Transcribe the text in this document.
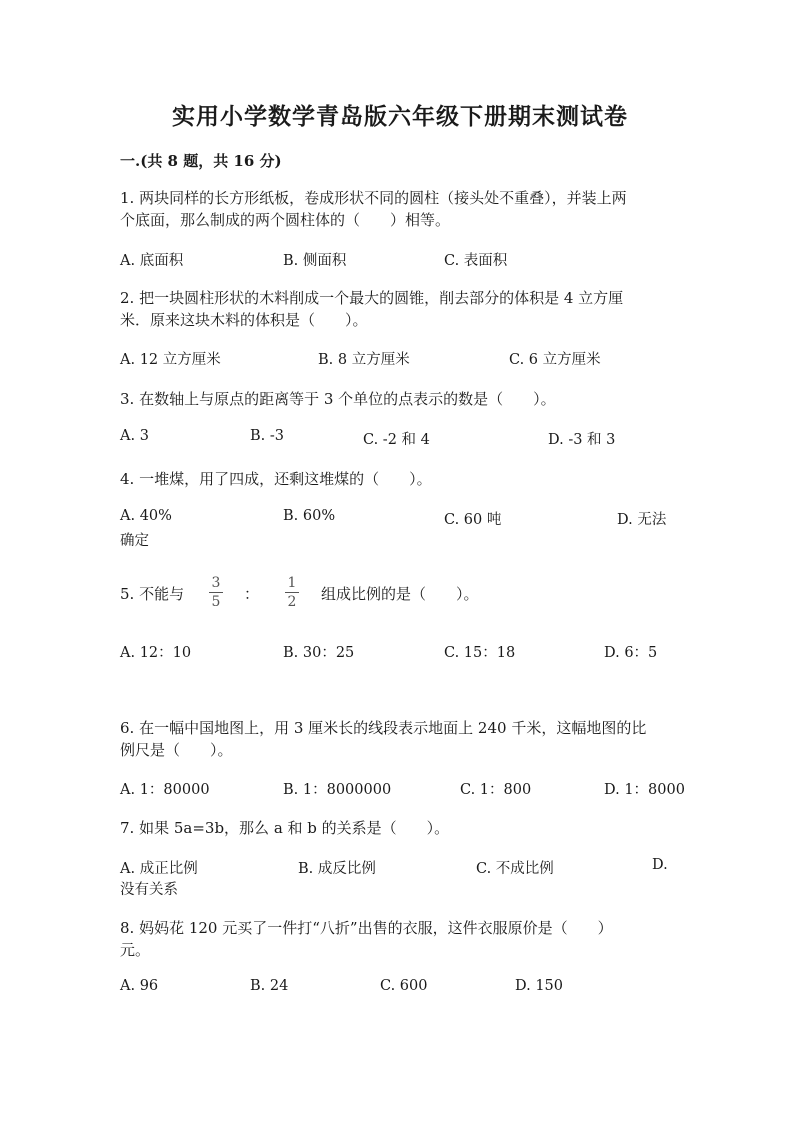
实用小学数学青岛版六年级下册期末测试卷
一.(共 8 题，共 16 分)
1. 两块同样的长方形纸板，卷成形状不同的圆柱（接头处不重叠），并装上两
个底面，那么制成的两个圆柱体的（　　）相等。
A. 底面积	B. 侧面积	C. 表面积
2. 把一块圆柱形状的木料削成一个最大的圆锥，削去部分的体积是 4 立方厘
米．原来这块木料的体积是（　　）。
A. 12 立方厘米	B. 8 立方厘米	C. 6 立方厘米
3. 在数轴上与原点的距离等于 3 个单位的点表示的数是（　　）。
A. 3	B. -3	C. -2 和 4	D. -3 和 3
4. 一堆煤，用了四成，还剩这堆煤的（　　）。
A. 40%	B. 60%	C. 60 吨	D. 无法
确定
5. 不能与
3
5 ：
1
2 组成比例的是（　　）。
A. 12：10	B. 30：25	C. 15：18	D. 6：5
6. 在一幅中国地图上，用 3 厘米长的线段表示地面上 240 千米，这幅地图的比
例尺是（　　）。
A. 1：80000	B. 1：8000000	C. 1：800	D. 1：8000
7. 如果 5a=3b，那么 a 和 b 的关系是（　　）。
A. 成正比例	B. 成反比例	C. 不成比例	D.
没有关系
8. 妈妈花 120 元买了一件打“八折”出售的衣服，这件衣服原价是（　　）
元。
A. 96	B. 24	C. 600	D. 150
